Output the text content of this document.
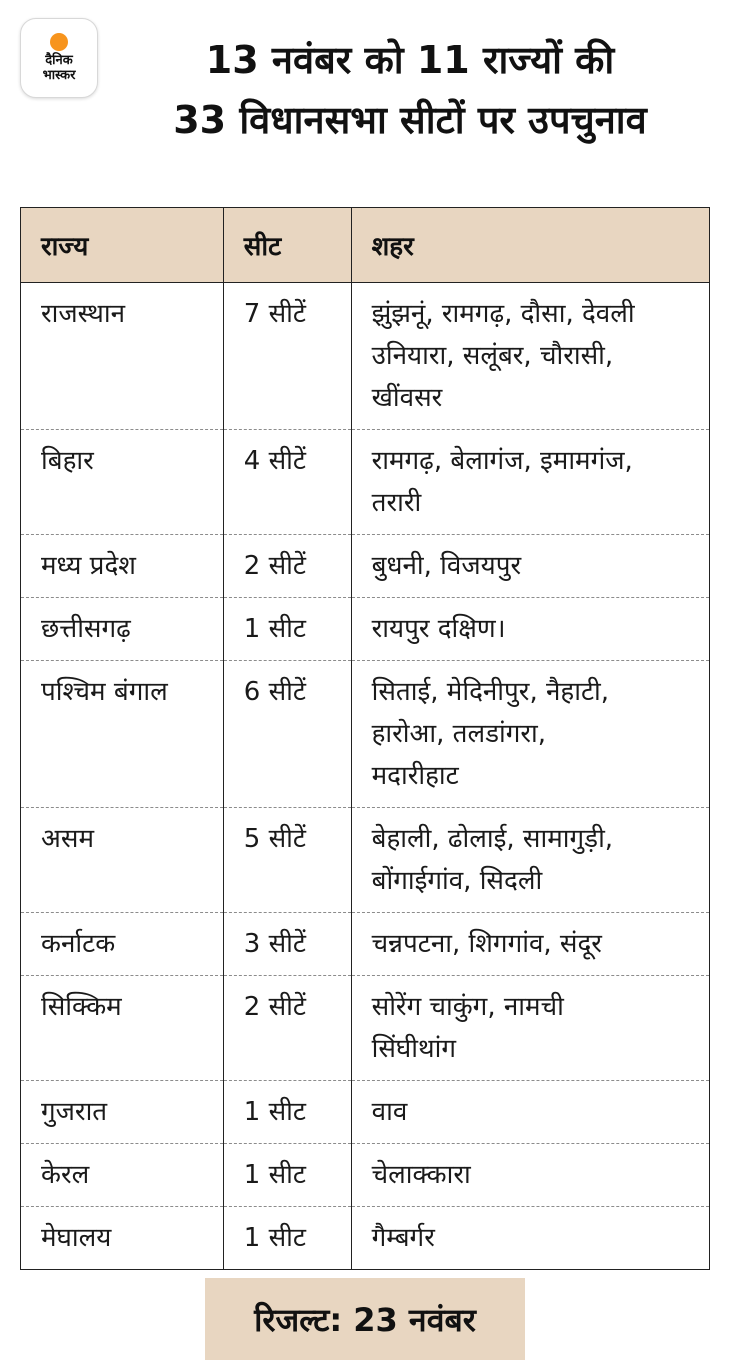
दैनिक
भास्कर	13 नवंबर को 11 राज्यों की
33 विधानसभा सीटों पर उपचुनाव
राज्य	सीट	शहर
राजस्थान	7 सीटें	झुंझनूं, रामगढ़, दौसा, देवली
उनियारा, सलूंबर, चौरासी,
खींवसर
बिहार	4 सीटें	रामगढ़, बेलागंज, इमामगंज,
तरारी
मध्य प्रदेश	2 सीटें	बुधनी, विजयपुर
छत्तीसगढ़	1 सीट	रायपुर दक्षिण।
पश्चिम बंगाल	6 सीटें	सिताई, मेदिनीपुर, नैहाटी,
हारोआ, तलडांगरा,
मदारीहाट
असम	5 सीटें	बेहाली, ढोलाई, सामागुड़ी,
बोंगाईगांव, सिदली
कर्नाटक	3 सीटें	चन्नपटना, शिगगांव, संदूर
सिक्किम	2 सीटें	सोरेंग चाकुंग, नामची
सिंघीथांग
गुजरात	1 सीट	वाव
केरल	1 सीट	चेलाक्कारा
मेघालय	1 सीट	गैम्बर्गर
रिजल्ट: 23 नवंबर
